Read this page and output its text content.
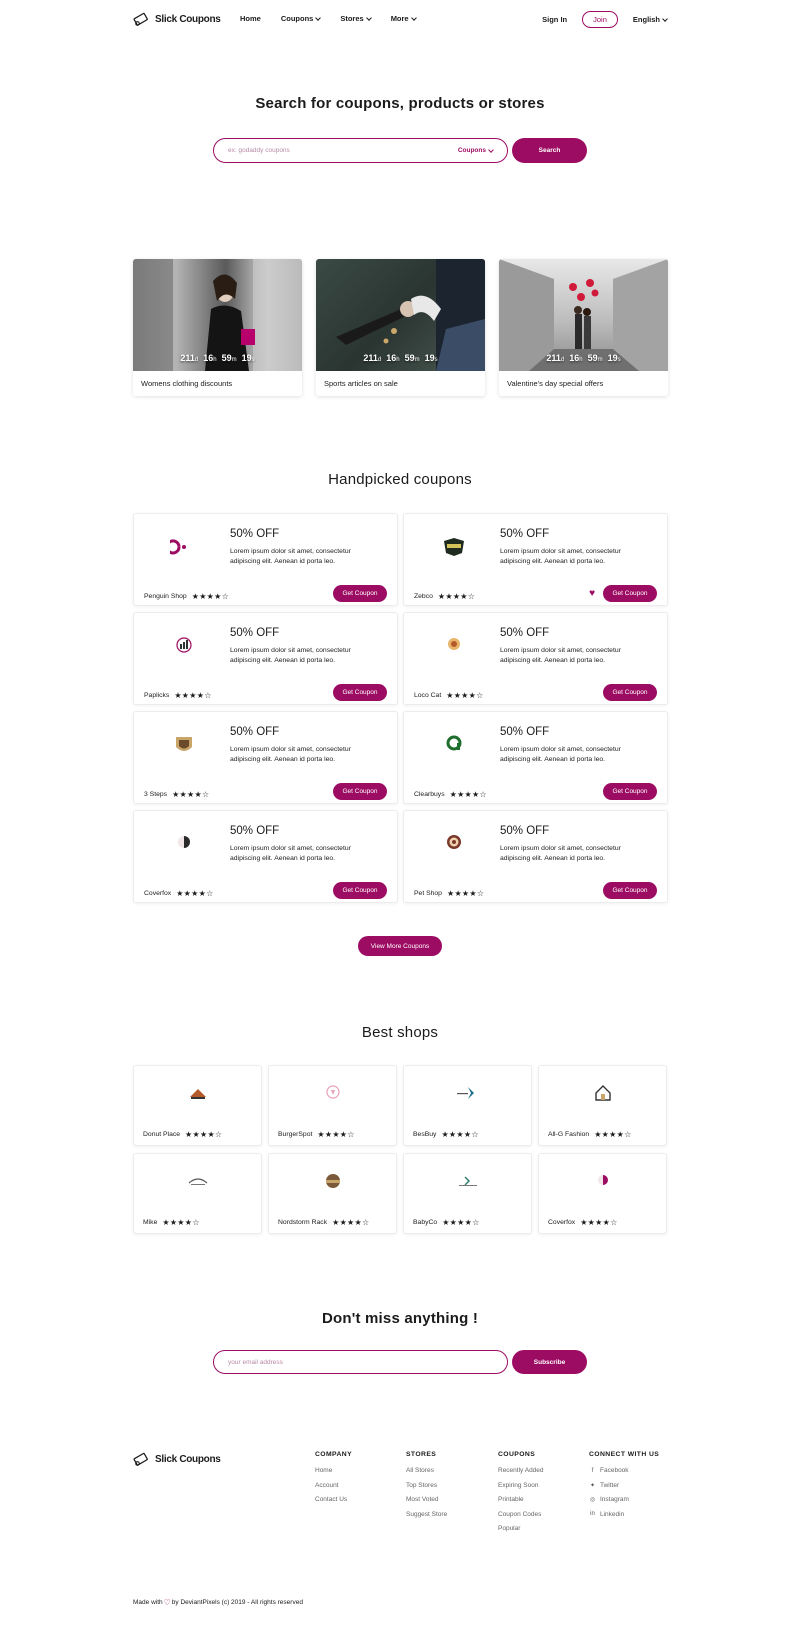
Slick Coupons	Home	Coupons	Stores	More	Sign In	Join	English
Search for coupons, products or stores
ex: godaddy coupons
Coupons	Search
211d 16h 59m 19s
Womens clothing discounts
211d 16h 59m 19s
Sports articles on sale
211d 16h 59m 19s
Valentine's day special offers
Handpicked coupons
50% OFF
Lorem ipsum dolor sit amet, consectetur adipiscing elit. Aenean id porta leo.
Penguin Shop ★★★★☆	Get Coupon
50% OFF
Lorem ipsum dolor sit amet, consectetur adipiscing elit. Aenean id porta leo.
Zebco ★★★★☆	♥	Get Coupon
50% OFF
Lorem ipsum dolor sit amet, consectetur adipiscing elit. Aenean id porta leo.
Paplicks ★★★★☆	Get Coupon
50% OFF
Lorem ipsum dolor sit amet, consectetur adipiscing elit. Aenean id porta leo.
Loco Cat ★★★★☆	Get Coupon
50% OFF
Lorem ipsum dolor sit amet, consectetur adipiscing elit. Aenean id porta leo.
3 Steps ★★★★☆	Get Coupon
50% OFF
Lorem ipsum dolor sit amet, consectetur adipiscing elit. Aenean id porta leo.
Clearbuys ★★★★☆	Get Coupon
50% OFF
Lorem ipsum dolor sit amet, consectetur adipiscing elit. Aenean id porta leo.
Coverfox ★★★★☆	Get Coupon
50% OFF
Lorem ipsum dolor sit amet, consectetur adipiscing elit. Aenean id porta leo.
Pet Shop ★★★★☆	Get Coupon
View More Coupons
Best shops
Donut Place ★★★★☆	BurgerSpot ★★★★☆	BesBuy ★★★★☆	All-G Fashion ★★★★☆
Mike ★★★★☆	Nordstorm Rack ★★★★☆	BabyCo ★★★★☆	Coverfox ★★★★☆
Don't miss anything !
your email address
Subscribe
Slick Coupons	COMPANY
Home
Account
Contact Us
STORES
All Stores
Top Stores
Most Voted
Suggest Store
COUPONS
Recently Added
Expiring Soon
Printable
Coupon Codes
Popular
CONNECT WITH US
f	Facebook
✦ Twitter
◎ Instagram
in Linkedin
Made with ♡ by DeviantPixels (c) 2019 - All rights reserved
